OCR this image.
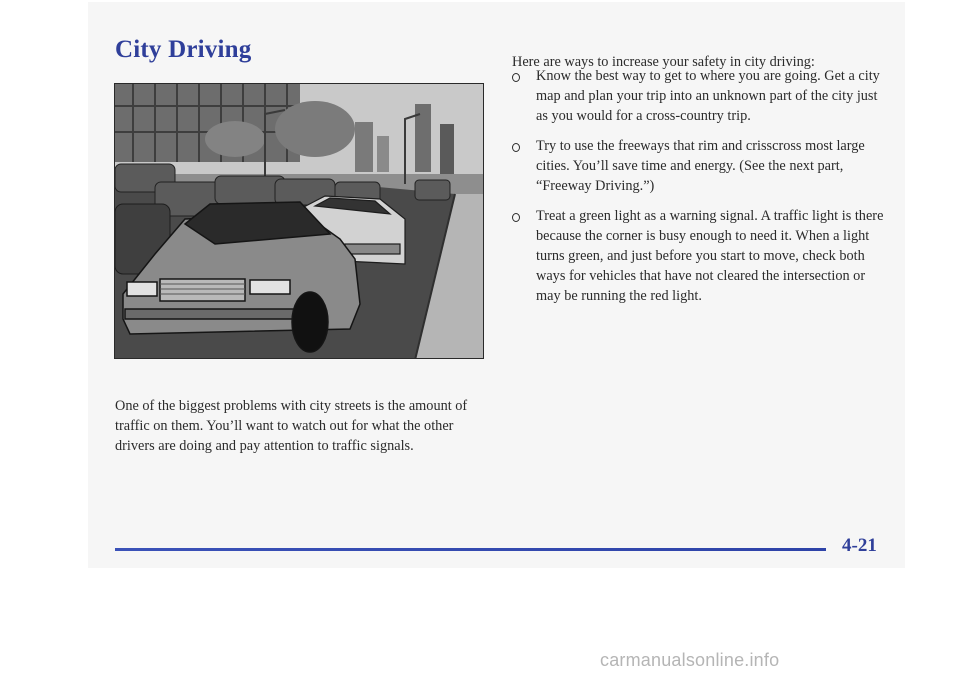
City Driving

One of the biggest problems with city streets is the amount of traffic on them. You’ll want to watch out for what the other drivers are doing and pay attention to traffic signals.

Here are ways to increase your safety in city driving:

Know the best way to get to where you are going. Get a city map and plan your trip into an unknown part of the city just as you would for a cross-country trip.
Try to use the freeways that rim and crisscross most large cities. You’ll save time and energy. (See the next part, “Freeway Driving.”)
Treat a green light as a warning signal. A traffic light is there because the corner is busy enough to need it. When a light turns green, and just before you start to move, check both ways for vehicles that have not cleared the intersection or may be running the red light.
4-21
carmanualsonline.info
